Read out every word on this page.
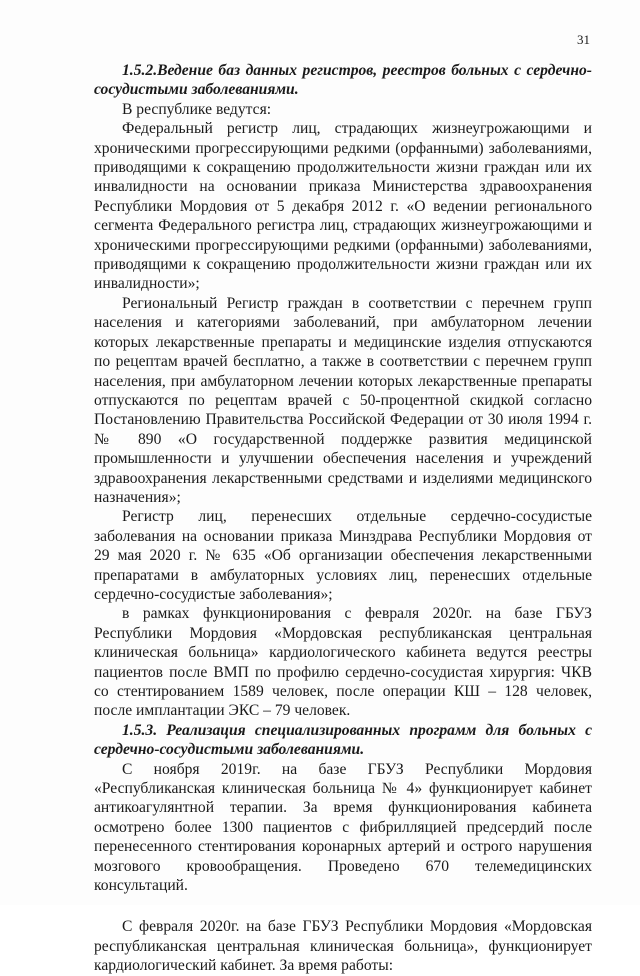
31
1.5.2.Ведение баз данных регистров, реестров больных с сердечно-сосудистыми заболеваниями.

В республике ведутся:

Федеральный регистр лиц, страдающих жизнеугрожающими и хроническими прогрессирующими редкими (орфанными) заболеваниями, приводящими к сокращению продолжительности жизни граждан или их инвалидности на основании приказа Министерства здравоохранения Республики Мордовия от 5 декабря 2012 г. «О ведении регионального сегмента Федерального регистра лиц, страдающих жизнеугрожающими и хроническими прогрессирующими редкими (орфанными) заболеваниями, приводящими к сокращению продолжительности жизни граждан или их инвалидности»;

Региональный Регистр граждан в соответствии с перечнем групп населения и категориями заболеваний, при амбулаторном лечении которых лекарственные препараты и медицинские изделия отпускаются по рецептам врачей бесплатно, а также в соответствии с перечнем групп населения, при амбулаторном лечении которых лекарственные препараты отпускаются по рецептам врачей с 50-процентной скидкой согласно Постановлению Правительства Российской Федерации от 30 июля 1994 г. № 890 «О государственной поддержке развития медицинской промышленности и улучшении обеспечения населения и учреждений здравоохранения лекарственными средствами и изделиями медицинского назначения»;

Регистр лиц, перенесших отдельные сердечно-сосудистые заболевания на основании приказа Минздрава Республики Мордовия от 29 мая 2020 г. № 635 «Об организации обеспечения лекарственными препаратами в амбулаторных условиях лиц, перенесших отдельные сердечно-сосудистые заболевания»;

в рамках функционирования с февраля 2020г. на базе ГБУЗ Республики Мордовия «Мордовская республиканская центральная клиническая больница» кардиологического кабинета ведутся реестры пациентов после ВМП по профилю сердечно-сосудистая хирургия: ЧКВ со стентированием 1589 человек, после операции КШ – 128 человек, после имплантации ЭКС – 79 человек.

1.5.3. Реализация специализированных программ для больных с сердечно-сосудистыми заболеваниями.

С ноября 2019г. на базе ГБУЗ Республики Мордовия «Республиканская клиническая больница № 4» функционирует кабинет антикоагулянтной терапии. За время функционирования кабинета осмотрено более 1300 пациентов с фибрилляцией предсердий после перенесенного стентирования коронарных артерий и острого нарушения мозгового кровообращения. Проведено 670 телемедицинских консультаций.

С февраля 2020г. на базе ГБУЗ Республики Мордовия «Мордовская республиканская центральная клиническая больница», функционирует кардиологический кабинет. За время работы:
